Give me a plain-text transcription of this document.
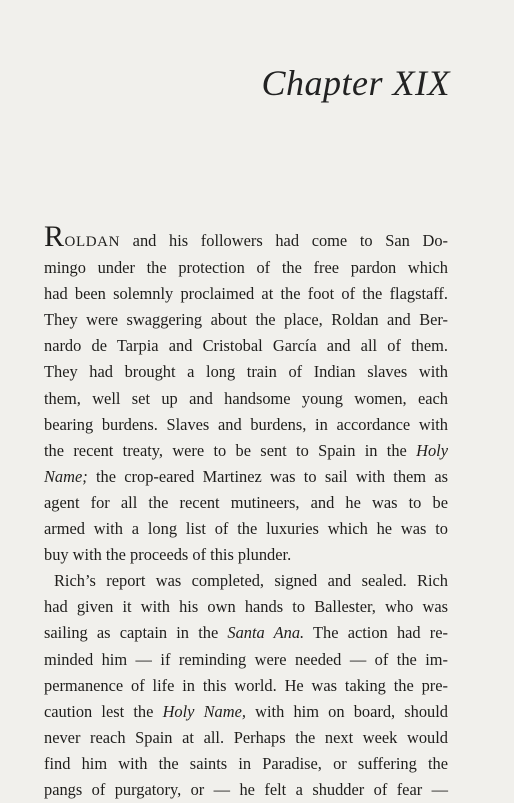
Chapter XIX
ROLDAN and his followers had come to San Do-
mingo under the protection of the free pardon which
had been solemnly proclaimed at the foot of the flagstaff.
They were swaggering about the place, Roldan and Ber-
nardo de Tarpia and Cristobal García and all of them.
They had brought a long train of Indian slaves with
them, well set up and handsome young women, each
bearing burdens. Slaves and burdens, in accordance with
the recent treaty, were to be sent to Spain in the Holy
Name; the crop-eared Martinez was to sail with them as
agent for all the recent mutineers, and he was to be
armed with a long list of the luxuries which he was to
buy with the proceeds of this plunder.
Rich’s report was completed, signed and sealed. Rich
had given it with his own hands to Ballester, who was
sailing as captain in the Santa Ana. The action had re-
minded him — if reminding were needed — of the im-
permanence of life in this world. He was taking the pre-
caution lest the Holy Name, with him on board, should
never reach Spain at all. Perhaps the next week would
find him with the saints in Paradise, or suffering the
pangs of purgatory, or — he felt a shudder of fear —
